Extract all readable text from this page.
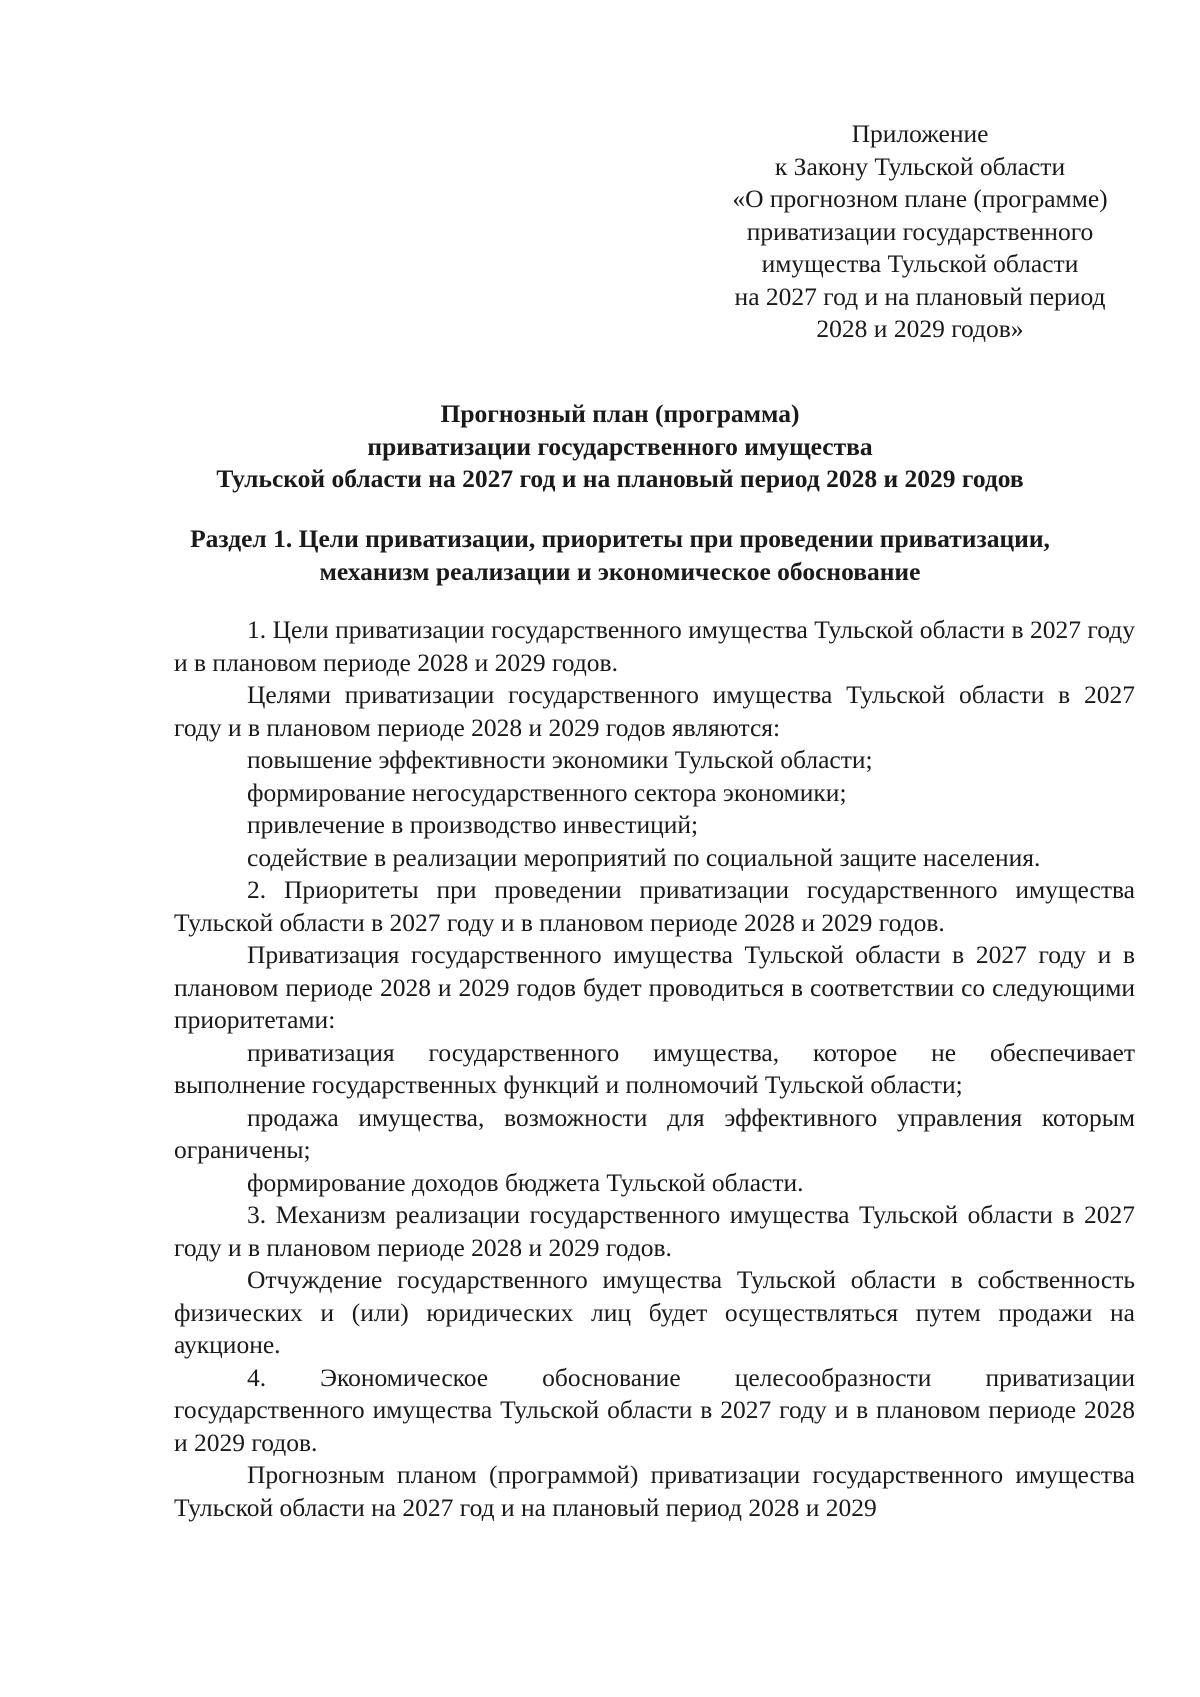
Приложение
к Закону Тульской области
«О прогнозном плане (программе)
приватизации государственного
имущества Тульской области
на 2027 год и на плановый период
2028 и 2029 годов»
Прогнозный план (программа)
приватизации государственного имущества
Тульской области на 2027 год и на плановый период 2028 и 2029 годов
Раздел 1. Цели приватизации, приоритеты при проведении приватизации,
механизм реализации и экономическое обоснование

1. Цели приватизации государственного имущества Тульской области в 2027 году и в плановом периоде 2028 и 2029 годов.

Целями приватизации государственного имущества Тульской области в 2027 году и в плановом периоде 2028 и 2029 годов являются:

повышение эффективности экономики Тульской области;

формирование негосударственного сектора экономики;

привлечение в производство инвестиций;

содействие в реализации мероприятий по социальной защите населения.

2. Приоритеты при проведении приватизации государственного имущества Тульской области в 2027 году и в плановом периоде 2028 и 2029 годов.

Приватизация государственного имущества Тульской области в 2027 году и в плановом периоде 2028 и 2029 годов будет проводиться в соответствии со следующими приоритетами:

приватизация государственного имущества, которое не обеспечивает выполнение государственных функций и полномочий Тульской области;

продажа имущества, возможности для эффективного управления которым ограничены;

формирование доходов бюджета Тульской области.

3. Механизм реализации государственного имущества Тульской области в 2027 году и в плановом периоде 2028 и 2029 годов.

Отчуждение государственного имущества Тульской области в собственность физических и (или) юридических лиц будет осуществляться путем продажи на аукционе.

4. Экономическое обоснование целесообразности приватизации государственного имущества Тульской области в 2027 году и в плановом периоде 2028 и 2029 годов.

Прогнозным планом (программой) приватизации государственного имущества Тульской области на 2027 год и на плановый период 2028 и 2029
